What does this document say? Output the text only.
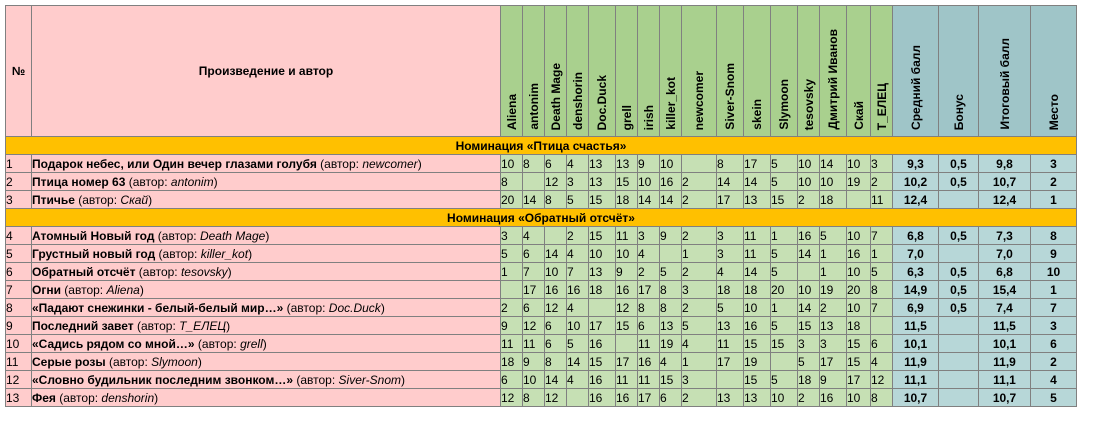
№	Произведение и автор	Aliena	antonim	Death Mage	denshorin	Doc.Duck	grell	irish	killer_kot	newcomer	Siver-Snom	skein	Slymoon	tesovsky	Дмитрий Иванов	Скай	T_ЕЛЕЦ	Средний балл	Бонус	Итоговый балл	Место
Номинация «Птица счастья»																					
1	Подарок небес, или Один вечер глазами голубя (автор: newcomer)	10	8	6	4	13	13	9	10		8	17	5	10	14	10	3	9,3	0,5	9,8	3
2	Птица номер 63 (автор: antonim)	8		12	3	13	15	10	16	2	14	14	5	10	10	19	2	10,2	0,5	10,7	2
3	Птичье (автор: Скай)	20	14	8	5	15	18	14	14	2	17	13	15	2	18		11	12,4		12,4	1
Номинация «Обратный отсчёт»																					
4	Атомный Новый год (автор: Death Mage)	3	4		2	15	11	3	9	2	3	11	1	16	5	10	7	6,8	0,5	7,3	8
5	Грустный новый год (автор: killer_kot)	5	6	14	4	10	10	4		1	3	11	5	14	1	16	1	7,0		7,0	9
6	Обратный отсчёт (автор: tesovsky)	1	7	10	7	13	9	2	5	2	4	14	5		1	10	5	6,3	0,5	6,8	10
7	Огни (автор: Aliena)		17	16	16	18	16	17	8	3	18	18	20	10	19	20	8	14,9	0,5	15,4	1
8	«Падают снежинки - белый-белый мир…» (автор: Doc.Duck)	2	6	12	4		12	8	8	2	5	10	1	14	2	10	7	6,9	0,5	7,4	7
9	Последний завет (автор: T_ЕЛЕЦ)	9	12	6	10	17	15	6	13	5	13	16	5	15	13	18		11,5		11,5	3
10	«Садись рядом со мной…» (автор: grell)	11	11	6	5	16		11	19	4	11	15	15	3	3	15	6	10,1		10,1	6
11	Серые розы (автор: Slymoon)	18	9	8	14	15	17	16	4	1	17	19		5	17	15	4	11,9		11,9	2
12	«Словно будильник последним звонком…» (автор: Siver-Snom)	6	10	14	4	16	11	11	15	3		15	5	18	9	17	12	11,1		11,1	4
13	Фея (автор: denshorin)	12	8	12		16	16	17	6	2	13	13	10	2	16	10	8	10,7		10,7	5
